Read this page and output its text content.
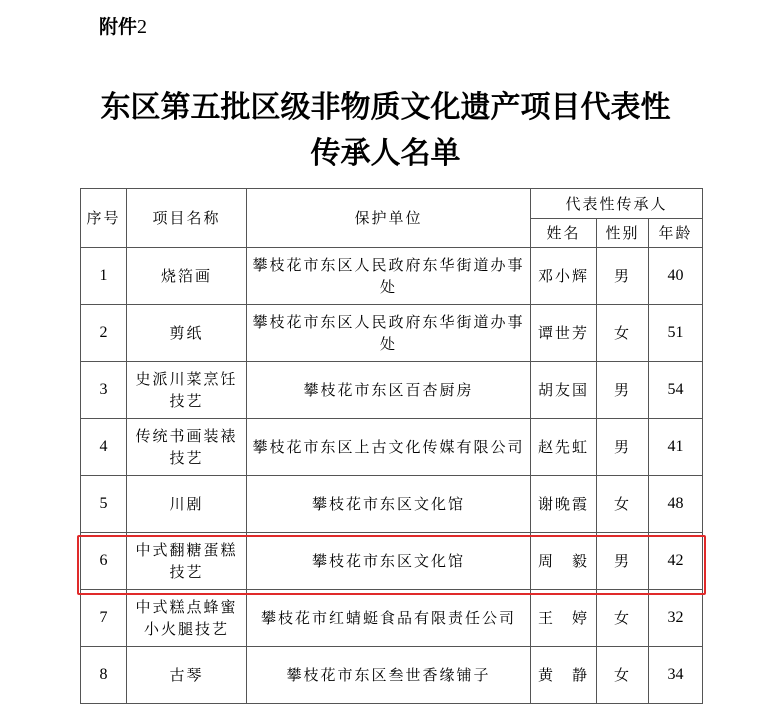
附件2
东区第五批区级非物质文化遗产项目代表性
传承人名单
序号	项目名称	保护单位	代表性传承人		
			姓名	性别	年龄
1	烧箔画	攀枝花市东区人民政府东华街道办事处	邓小辉	男	40
2	剪纸	攀枝花市东区人民政府东华街道办事处	谭世芳	女	51
3	史派川菜烹饪技艺	攀枝花市东区百杏厨房	胡友国	男	54
4	传统书画装裱技艺	攀枝花市东区上古文化传媒有限公司	赵先虹	男	41
5	川剧	攀枝花市东区文化馆	谢晚霞	女	48
6	中式翻糖蛋糕技艺	攀枝花市东区文化馆	周　毅	男	42
7	中式糕点蜂蜜小火腿技艺	攀枝花市红蜻蜓食品有限责任公司	王　婷	女	32
8	古琴	攀枝花市东区叁世香缘铺子	黄　静	女	34
